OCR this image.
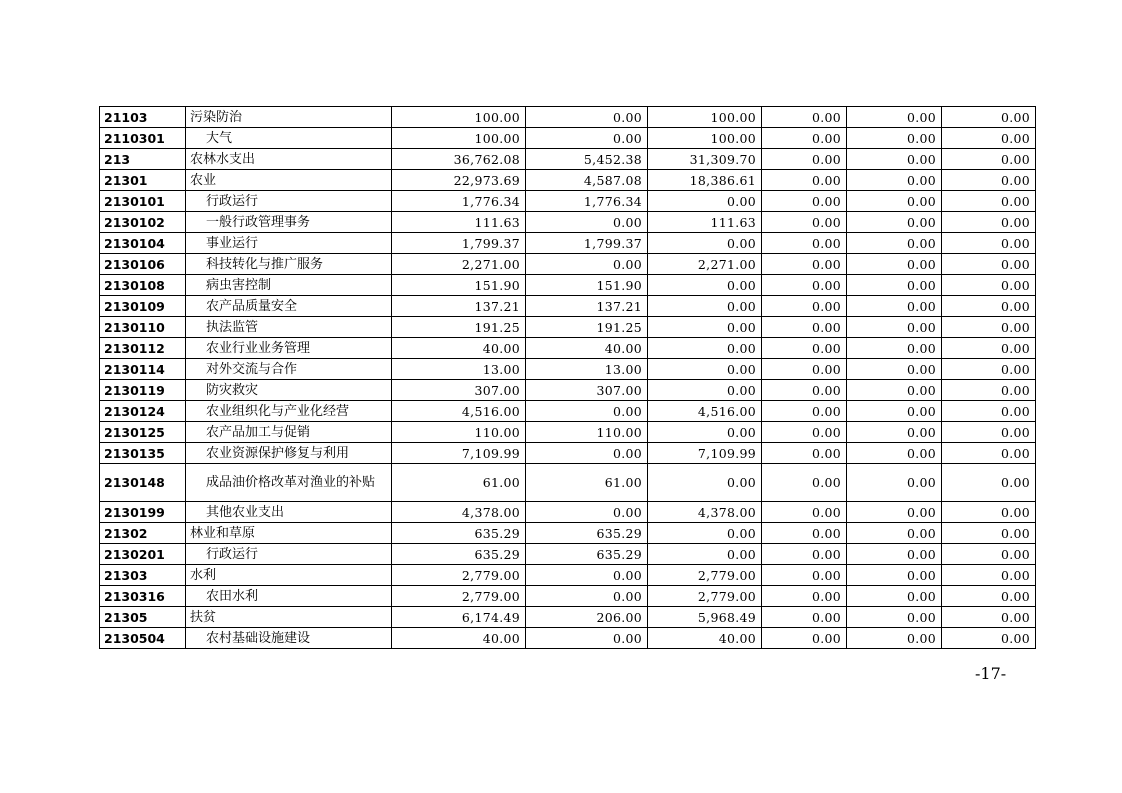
21103	污染防治	100.00	0.00	100.00	0.00	0.00	0.00
2110301	大气	100.00	0.00	100.00	0.00	0.00	0.00
213	农林水支出	36,762.08	5,452.38	31,309.70	0.00	0.00	0.00
21301	农业	22,973.69	4,587.08	18,386.61	0.00	0.00	0.00
2130101	行政运行	1,776.34	1,776.34	0.00	0.00	0.00	0.00
2130102	一般行政管理事务	111.63	0.00	111.63	0.00	0.00	0.00
2130104	事业运行	1,799.37	1,799.37	0.00	0.00	0.00	0.00
2130106	科技转化与推广服务	2,271.00	0.00	2,271.00	0.00	0.00	0.00
2130108	病虫害控制	151.90	151.90	0.00	0.00	0.00	0.00
2130109	农产品质量安全	137.21	137.21	0.00	0.00	0.00	0.00
2130110	执法监管	191.25	191.25	0.00	0.00	0.00	0.00
2130112	农业行业业务管理	40.00	40.00	0.00	0.00	0.00	0.00
2130114	对外交流与合作	13.00	13.00	0.00	0.00	0.00	0.00
2130119	防灾救灾	307.00	307.00	0.00	0.00	0.00	0.00
2130124	农业组织化与产业化经营	4,516.00	0.00	4,516.00	0.00	0.00	0.00
2130125	农产品加工与促销	110.00	110.00	0.00	0.00	0.00	0.00
2130135	农业资源保护修复与利用	7,109.99	0.00	7,109.99	0.00	0.00	0.00
2130148	成品油价格改革对渔业的补贴	61.00	61.00	0.00	0.00	0.00	0.00
2130199	其他农业支出	4,378.00	0.00	4,378.00	0.00	0.00	0.00
21302	林业和草原	635.29	635.29	0.00	0.00	0.00	0.00
2130201	行政运行	635.29	635.29	0.00	0.00	0.00	0.00
21303	水利	2,779.00	0.00	2,779.00	0.00	0.00	0.00
2130316	农田水利	2,779.00	0.00	2,779.00	0.00	0.00	0.00
21305	扶贫	6,174.49	206.00	5,968.49	0.00	0.00	0.00
2130504	农村基础设施建设	40.00	0.00	40.00	0.00	0.00	0.00
-17-
